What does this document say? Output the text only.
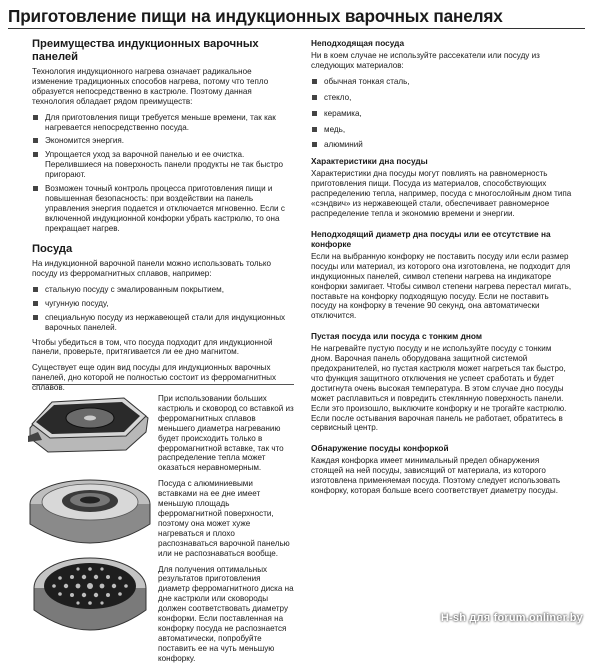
Приготовление пищи на индукционных варочных панелях
Преимущества индукционных варочных панелей
Технология индукционного нагрева означает радикальное изменение традиционных способов нагрева, потому что тепло образуется непосредственно в кастрюле. Поэтому данная технология обладает рядом преимуществ:
Для приготовления пищи требуется меньше времени, так как нагревается непосредственно посуда.
Экономится энергия.
Упрощается уход за варочной панелью и ее очистка. Перелившиеся на поверхность панели продукты не так быстро пригорают.
Возможен точный контроль процесса приготовления пищи и повышенная безопасность: при воздействии на панель управления энергия подается и отключается мгновенно. Если с включенной индукционной конфорки убрать кастрюлю, то она прекращает нагрев.
Посуда
На индукционной варочной панели можно использовать только посуду из ферромагнитных сплавов, например:
стальную посуду с эмалированным покрытием,
чугунную посуду,
специальную посуду из нержавеющей стали для индукционных варочных панелей.
Чтобы убедиться в том, что посуда подходит для индукционной панели, проверьте, притягивается ли ее дно магнитом.
Существует еще один вид посуды для индукционных варочных панелей, дно которой не полностью состоит из ферромагнитных сплавов.
При использовании больших кастрюль и сковород со вставкой из ферромагнитных сплавов меньшего диаметра нагреванию будет происходить только в ферромагнитной вставке, так что распределение тепла может оказаться неравномерным.
Посуда с алюминиевыми вставками на ее дне имеет меньшую площадь ферромагнитной поверхности, поэтому она может хуже нагреваться и плохо распознаваться варочной панелью или не распознаваться вообще.
Для получения оптимальных результатов приготовления диаметр ферромагнитного диска на дне кастрюли или сковороды должен соответствовать диаметру конфорки. Если поставленная на конфорку посуда не распознается автоматически, попробуйте поставить ее на чуть меньшую конфорку.
Неподходящая посуда
Ни в коем случае не используйте рассекатели или посуду из следующих материалов:
обычная тонкая сталь,
стекло,
керамика,
медь,
алюминий
Характеристики дна посуды
Характеристики дна посуды могут повлиять на равномерность приготовления пищи. Посуда из материалов, способствующих распределению тепла, например, посуда с многослойным дном типа «сэндвич» из нержавеющей стали, обеспечивает равномерное распределение тепла и экономию времени и энергии.
Неподходящий диаметр дна посуды или ее отсутствие на конфорке
Если на выбранную конфорку не поставить посуду или если размер посуды или материал, из которого она изготовлена, не подходит для индукционных панелей, символ степени нагрева на индикаторе конфорки замигает. Чтобы символ степени нагрева перестал мигать, поставьте на конфорку подходящую посуду. Если не поставить посуду на конфорку в течение 90 секунд, она автоматически отключится.
Пустая посуда или посуда с тонким дном
Не нагревайте пустую посуду и не используйте посуду с тонким дном. Варочная панель оборудована защитной системой предохранителей, но пустая кастрюля может нагреться так быстро, что функция защитного отключения не успеет сработать и будет достигнута очень высокая температура. В этом случае дно посуды может расплавиться и повредить стеклянную поверхность панели. Если это произошло, выключите конфорку и не трогайте кастрюлю. Если после остывания варочная панель не работает, обратитесь в сервисный центр.
Обнаружение посуды конфоркой
Каждая конфорка имеет минимальный предел обнаружения стоящей на ней посуды, зависящий от материала, из которого изготовлена применяемая посуда. Поэтому следует использовать конфорку, которая больше всего соответствует диаметру посуды.
H-sh для forum.onliner.by
